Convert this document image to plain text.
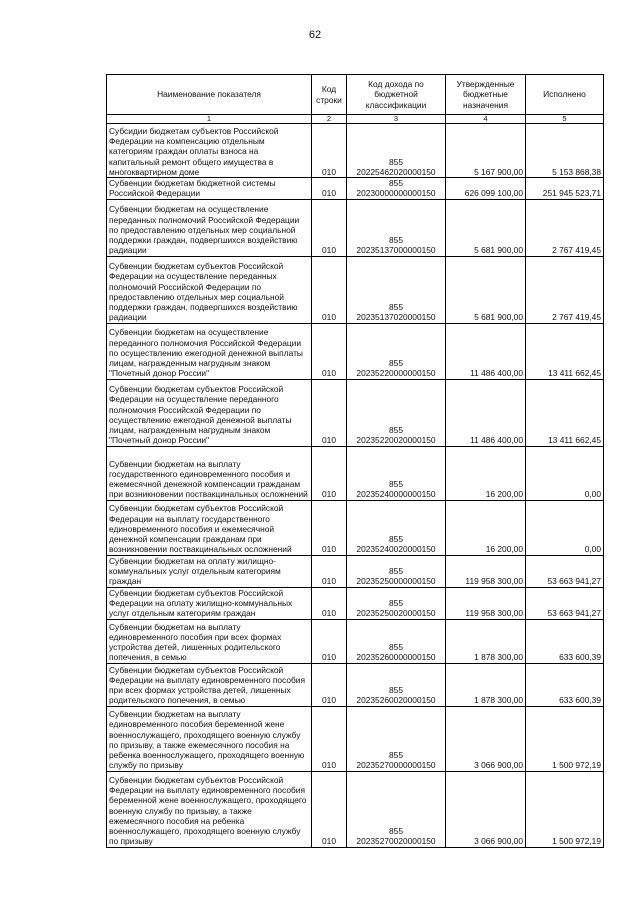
62
Наименование показателя	Код строки	Код дохода по бюджетной классификации	Утвержденные бюджетные назначения	Исполнено
1	2	3	4	5
Субсидии бюджетам субъектов Российской Федерации на компенсацию отдельным категориям граждан оплаты взноса на капитальный ремонт общего имущества в многоквартирном доме	010	855 20225462020000150	5 167 900,00	5 153 868,38
Субвенции бюджетам бюджетной системы Российской Федерации	010	855 20230000000000150	626 099 100,00	251 945 523,71
Субвенции бюджетам на осуществление переданных полномочий Российской Федерации по предоставлению отдельных мер социальной поддержки граждан, подвергшихся воздействию радиации	010	855 20235137000000150	5 681 900,00	2 767 419,45
Субвенции бюджетам субъектов Российской Федерации на осуществление переданных полномочий Российской Федерации по предоставлению отдельных мер социальной поддержки граждан, подвергшихся воздействию радиации	010	855 20235137020000150	5 681 900,00	2 767 419,45
Субвенции бюджетам на осуществление переданного полномочия Российской Федерации по осуществлению ежегодной денежной выплаты лицам, награжденным нагрудным знаком "Почетный донор России"	010	855 20235220000000150	11 486 400,00	13 411 662,45
Субвенции бюджетам субъектов Российской Федерации на осуществление переданного полномочия Российской Федерации по осуществлению ежегодной денежной выплаты лицам, награжденным нагрудным знаком "Почетный донор России"	010	855 20235220020000150	11 486 400,00	13 411 662,45
Субвенции бюджетам на выплату государственного единовременного пособия и ежемесячной денежной компенсации гражданам при возникновении поствакцинальных осложнений	010	855 20235240000000150	16 200,00	0,00
Субвенции бюджетам субъектов Российской Федерации на выплату государственного единовременного пособия и ежемесячной денежной компенсации гражданам при возникновении поствакцинальных осложнений	010	855 20235240020000150	16 200,00	0,00
Субвенции бюджетам на оплату жилищно-коммунальных услуг отдельным категориям граждан	010	855 20235250000000150	119 958 300,00	53 663 941,27
Субвенции бюджетам субъектов Российской Федерации на оплату жилищно-коммунальных услуг отдельным категориям граждан	010	855 20235250020000150	119 958 300,00	53 663 941,27
Субвенции бюджетам на выплату единовременного пособия при всех формах устройства детей, лишенных родительского попечения, в семью	010	855 20235260000000150	1 878 300,00	633 600,39
Субвенции бюджетам субъектов Российской Федерации на выплату единовременного пособия при всех формах устройства детей, лишенных родительского попечения, в семью	010	855 20235260020000150	1 878 300,00	633 600,39
Субвенции бюджетам на выплату единовременного пособия беременной жене военнослужащего, проходящего военную службу по призыву, а также ежемесячного пособия на ребенка военнослужащего, проходящего военную службу по призыву	010	855 20235270000000150	3 066 900,00	1 500 972,19
Субвенции бюджетам субъектов Российской Федерации на выплату единовременного пособия беременной жене военнослужащего, проходящего военную службу по призыву, а также ежемесячного пособия на ребенка военнослужащего, проходящего военную службу по призыву	010	855 20235270020000150	3 066 900,00	1 500 972,19
